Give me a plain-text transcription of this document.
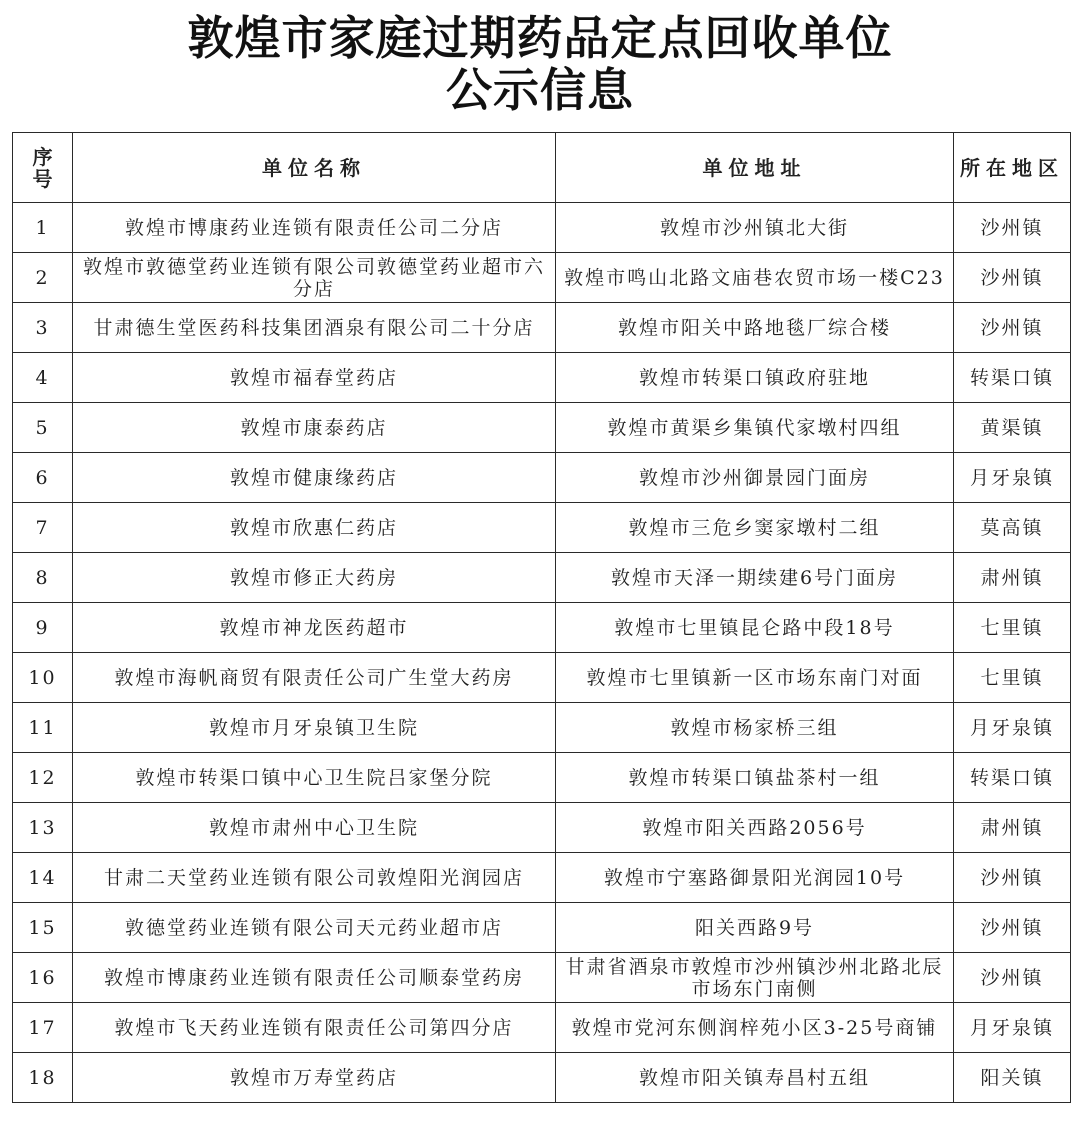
敦煌市家庭过期药品定点回收单位
公示信息
序
号	单位名称	单位地址	所在地区
1	敦煌市博康药业连锁有限责任公司二分店	敦煌市沙州镇北大街	沙州镇
2	敦煌市敦德堂药业连锁有限公司敦德堂药业超市六分店	敦煌市鸣山北路文庙巷农贸市场一楼C23	沙州镇
3	甘肃德生堂医药科技集团酒泉有限公司二十分店	敦煌市阳关中路地毯厂综合楼	沙州镇
4	敦煌市福春堂药店	敦煌市转渠口镇政府驻地	转渠口镇
5	敦煌市康泰药店	敦煌市黄渠乡集镇代家墩村四组	黄渠镇
6	敦煌市健康缘药店	敦煌市沙州御景园门面房	月牙泉镇
7	敦煌市欣惠仁药店	敦煌市三危乡窦家墩村二组	莫高镇
8	敦煌市修正大药房	敦煌市天泽一期续建6号门面房	肃州镇
9	敦煌市神龙医药超市	敦煌市七里镇昆仑路中段18号	七里镇
10	敦煌市海帆商贸有限责任公司广生堂大药房	敦煌市七里镇新一区市场东南门对面	七里镇
11	敦煌市月牙泉镇卫生院	敦煌市杨家桥三组	月牙泉镇
12	敦煌市转渠口镇中心卫生院吕家堡分院	敦煌市转渠口镇盐茶村一组	转渠口镇
13	敦煌市肃州中心卫生院	敦煌市阳关西路2056号	肃州镇
14	甘肃二天堂药业连锁有限公司敦煌阳光润园店	敦煌市宁塞路御景阳光润园10号	沙州镇
15	敦德堂药业连锁有限公司天元药业超市店	阳关西路9号	沙州镇
16	敦煌市博康药业连锁有限责任公司顺泰堂药房	甘肃省酒泉市敦煌市沙州镇沙州北路北辰市场东门南侧	沙州镇
17	敦煌市飞天药业连锁有限责任公司第四分店	敦煌市党河东侧润梓苑小区3-25号商铺	月牙泉镇
18	敦煌市万寿堂药店	敦煌市阳关镇寿昌村五组	阳关镇
